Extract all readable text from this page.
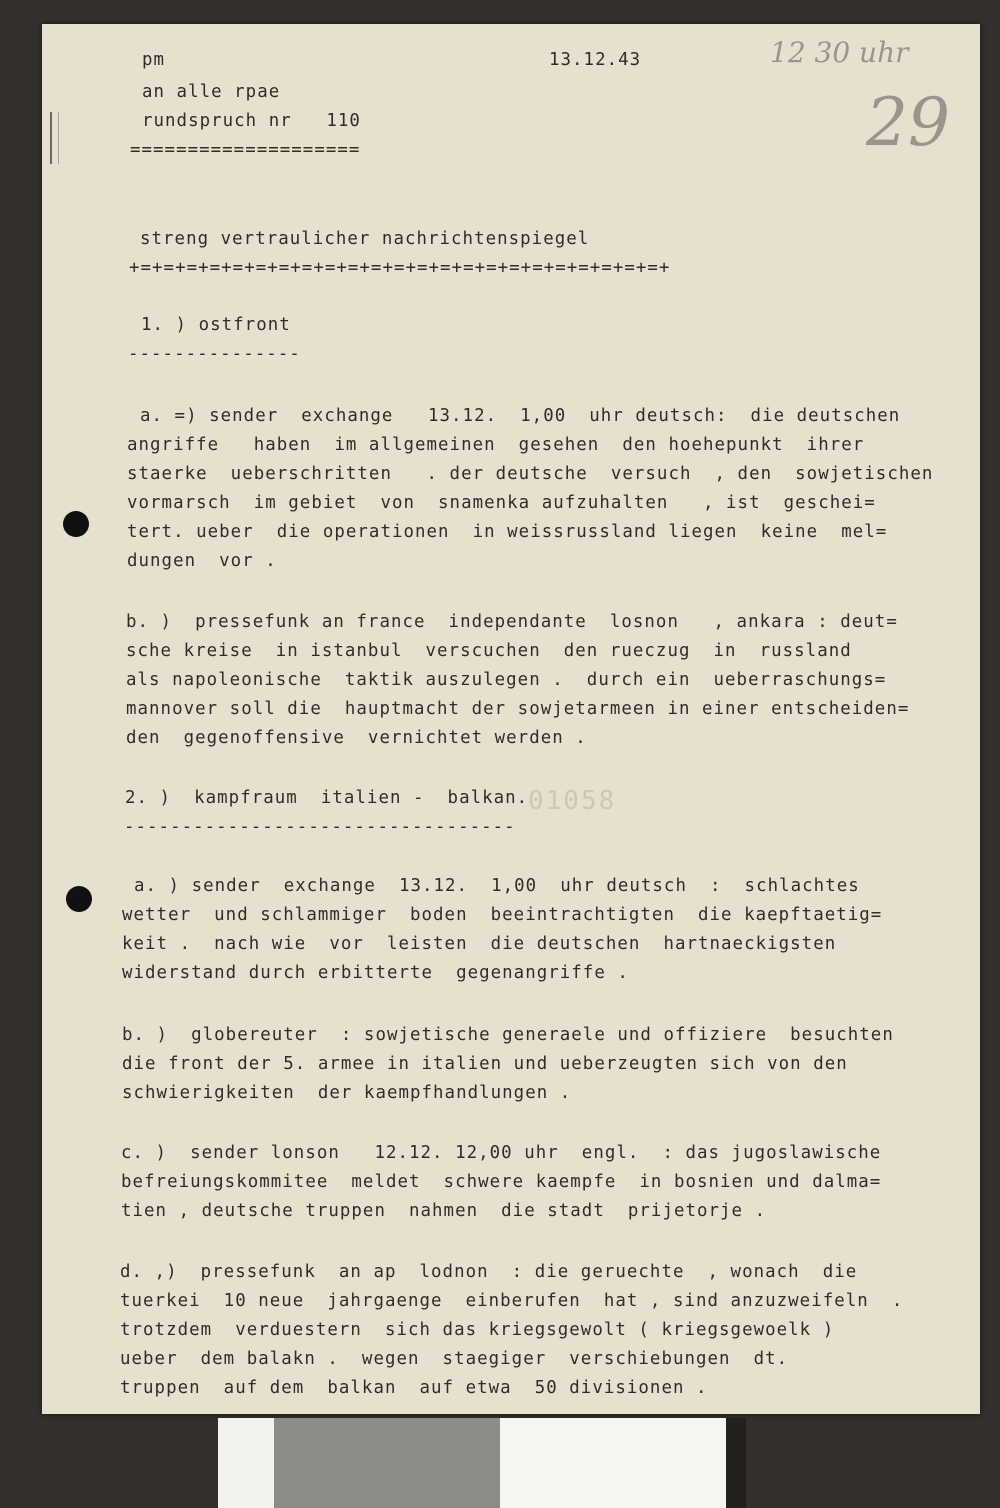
12 30 uhr
29
01058
pm	13.12.43
an alle rpae
rundspruch nr   110
====================
streng vertraulicher nachrichtenspiegel
+=+=+=+=+=+=+=+=+=+=+=+=+=+=+=+=+=+=+=+=+=+=+=+
1. ) ostfront
---------------
a. =) sender  exchange   13.12.  1,00  uhr deutsch:  die deutschen
angriffe   haben  im allgemeinen  gesehen  den hoehepunkt  ihrer
staerke  ueberschritten   . der deutsche  versuch  , den  sowjetischen
vormarsch  im gebiet  von  snamenka aufzuhalten   , ist  geschei=
tert. ueber  die operationen  in weissrussland liegen  keine  mel=
dungen  vor .
b. )  pressefunk an france  independante  losnon   , ankara : deut=
sche kreise  in istanbul  verscuchen  den rueczug  in  russland
als napoleonische  taktik auszulegen .  durch ein  ueberraschungs=
mannover soll die  hauptmacht der sowjetarmeen in einer entscheiden=
den  gegenoffensive  vernichtet werden .
2. )  kampfraum  italien -  balkan.
----------------------------------
a. ) sender  exchange  13.12.  1,00  uhr deutsch  :  schlachtes
wetter  und schlammiger  boden  beeintrachtigten  die kaepftaetig=
keit .  nach wie  vor  leisten  die deutschen  hartnaeckigsten
widerstand durch erbitterte  gegenangriffe .
b. )  globereuter  : sowjetische generaele und offiziere  besuchten
die front der 5. armee in italien und ueberzeugten sich von den
schwierigkeiten  der kaempfhandlungen .
c. )  sender lonson   12.12. 12,00 uhr  engl.  : das jugoslawische
befreiungskommitee  meldet  schwere kaempfe  in bosnien und dalma=
tien , deutsche truppen  nahmen  die stadt  prijetorje .
d. ,)  pressefunk  an ap  lodnon  : die geruechte  , wonach  die
tuerkei  10 neue  jahrgaenge  einberufen  hat , sind anzuzweifeln  .
trotzdem  verduestern  sich das kriegsgewolt ( kriegsgewoelk )
ueber  dem balakn .  wegen  staegiger  verschiebungen  dt.
truppen  auf dem  balkan  auf etwa  50 divisionen .
